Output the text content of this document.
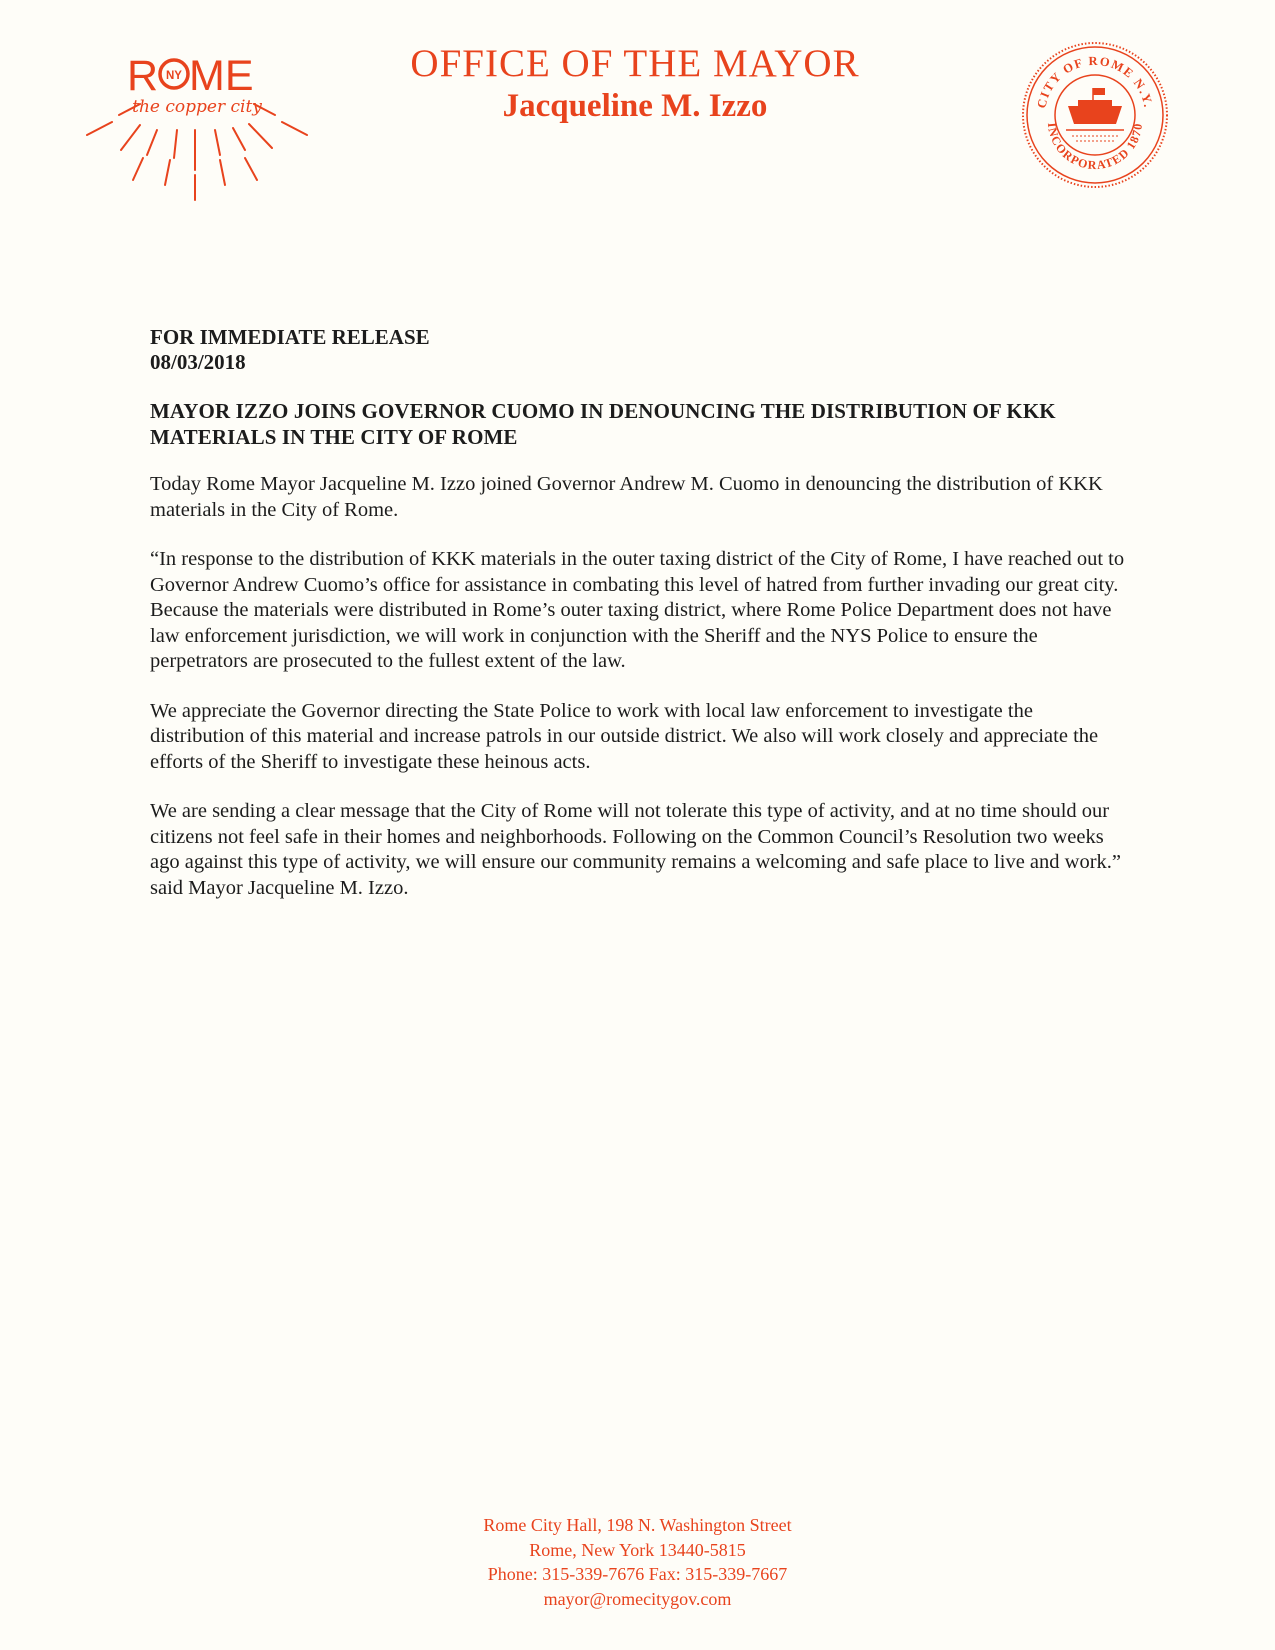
R NY ME
ROME
the copper city
OFFICE OF THE MAYOR
Jacqueline M. Izzo	CITY OF ROME N.Y.
INCORPORATED 1870
FOR IMMEDIATE RELEASE
08/03/2018
MAYOR IZZO JOINS GOVERNOR CUOMO IN DENOUNCING THE DISTRIBUTION OF KKK MATERIALS IN THE CITY OF ROME

Today Rome Mayor Jacqueline M. Izzo joined Governor Andrew M. Cuomo in denouncing the distribution of KKK materials in the City of Rome.

“In response to the distribution of KKK materials in the outer taxing district of the City of Rome, I have reached out to Governor Andrew Cuomo’s office for assistance in combating this level of hatred from further invading our great city. Because the materials were distributed in Rome’s outer taxing district, where Rome Police Department does not have law enforcement jurisdiction, we will work in conjunction with the Sheriff and the NYS Police to ensure the perpetrators are prosecuted to the fullest extent of the law.

We appreciate the Governor directing the State Police to work with local law enforcement to investigate the distribution of this material and increase patrols in our outside district. We also will work closely and appreciate the efforts of the Sheriff to investigate these heinous acts.

We are sending a clear message that the City of Rome will not tolerate this type of activity, and at no time should our citizens not feel safe in their homes and neighborhoods. Following on the Common Council’s Resolution two weeks ago against this type of activity, we will ensure our community remains a welcoming and safe place to live and work.” said Mayor Jacqueline M. Izzo.

Rome City Hall, 198 N. Washington Street
Rome, New York 13440-5815
Phone: 315-339-7676 Fax: 315-339-7667
mayor@romecitygov.com
